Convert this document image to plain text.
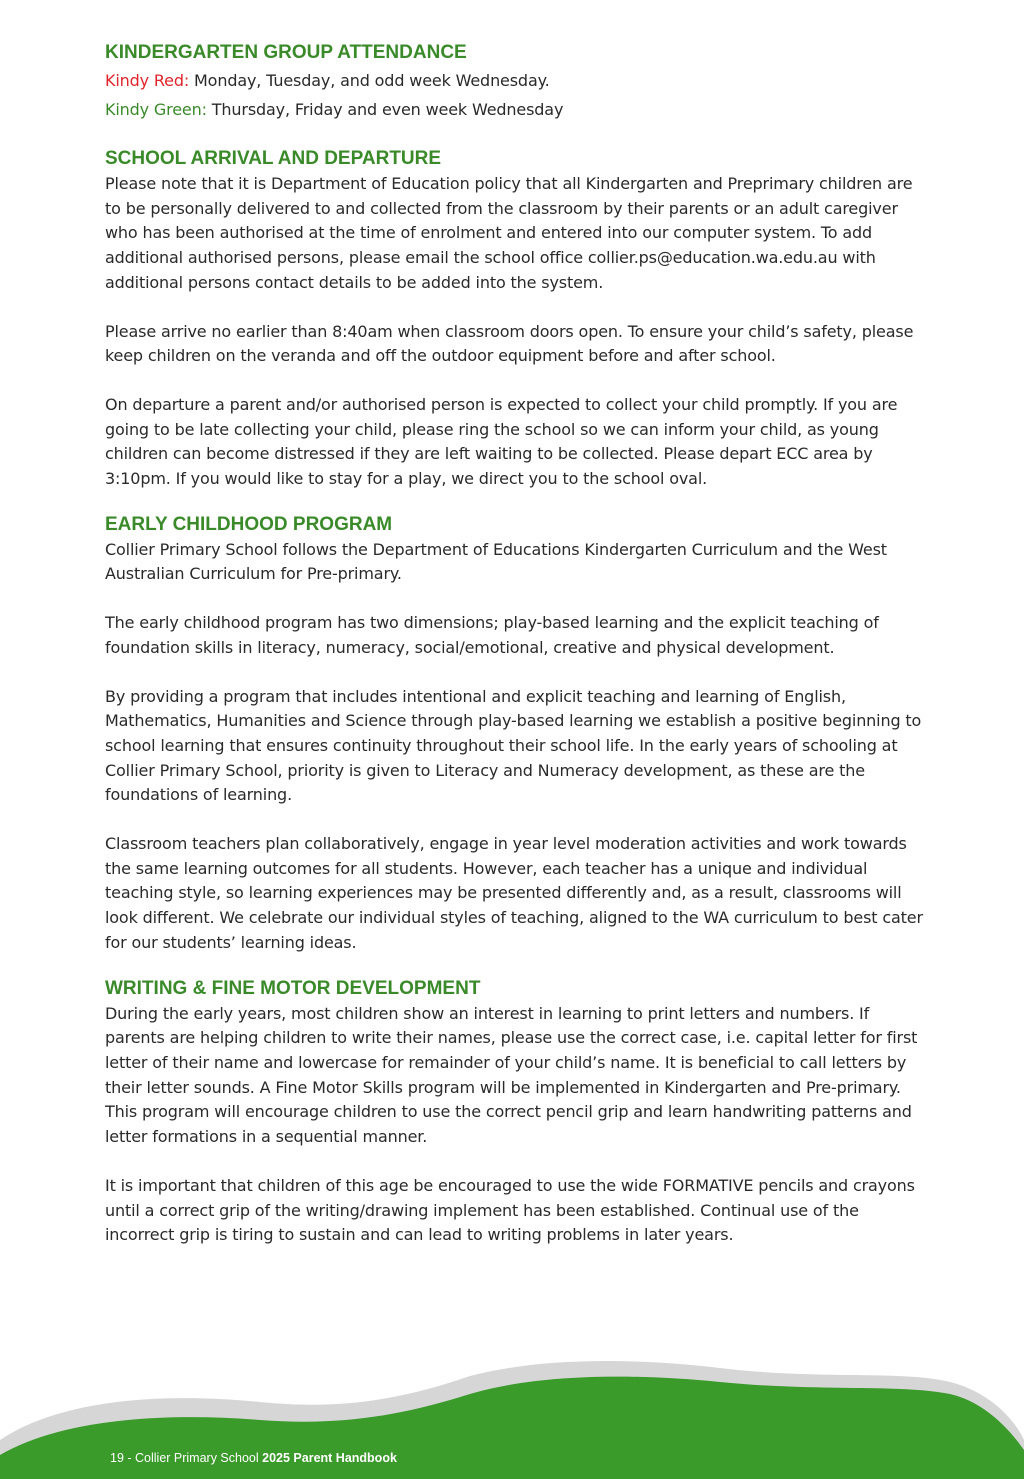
KINDERGARTEN GROUP ATTENDANCE

Kindy Red: Monday, Tuesday, and odd week Wednesday.

Kindy Green: Thursday, Friday and even week Wednesday

SCHOOL ARRIVAL AND DEPARTURE

Please note that it is Department of Education policy that all Kindergarten and Preprimary children are to be personally delivered to and collected from the classroom by their parents or an adult caregiver who has been authorised at the time of enrolment and entered into our computer system. To add additional authorised persons, please email the school office collier.ps@education.wa.edu.au with additional persons contact details to be added into the system.

Please arrive no earlier than 8:40am when classroom doors open. To ensure your child’s safety, please keep children on the veranda and off the outdoor equipment before and after school.

On departure a parent and/or authorised person is expected to collect your child promptly. If you are going to be late collecting your child, please ring the school so we can inform your child, as young children can become distressed if they are left waiting to be collected. Please depart ECC area by 3:10pm. If you would like to stay for a play, we direct you to the school oval.

EARLY CHILDHOOD PROGRAM

Collier Primary School follows the Department of Educations Kindergarten Curriculum and the West Australian Curriculum for Pre-primary.

The early childhood program has two dimensions; play-based learning and the explicit teaching of foundation skills in literacy, numeracy, social/emotional, creative and physical development.

By providing a program that includes intentional and explicit teaching and learning of English, Mathematics, Humanities and Science through play-based learning we establish a positive beginning to school learning that ensures continuity throughout their school life. In the early years of schooling at Collier Primary School, priority is given to Literacy and Numeracy development, as these are the foundations of learning.

Classroom teachers plan collaboratively, engage in year level moderation activities and work towards the same learning outcomes for all students. However, each teacher has a unique and individual teaching style, so learning experiences may be presented differently and, as a result, classrooms will look different. We celebrate our individual styles of teaching, aligned to the WA curriculum to best cater for our students’ learning ideas.

WRITING & FINE MOTOR DEVELOPMENT

During the early years, most children show an interest in learning to print letters and numbers. If parents are helping children to write their names, please use the correct case, i.e. capital letter for first letter of their name and lowercase for remainder of your child’s name. It is beneficial to call letters by their letter sounds. A Fine Motor Skills program will be implemented in Kindergarten and Pre-primary. This program will encourage children to use the correct pencil grip and learn handwriting patterns and letter formations in a sequential manner.

It is important that children of this age be encouraged to use the wide FORMATIVE pencils and crayons until a correct grip of the writing/drawing implement has been established. Continual use of the incorrect grip is tiring to sustain and can lead to writing problems in later years.

19 - Collier Primary School 2025 Parent Handbook
